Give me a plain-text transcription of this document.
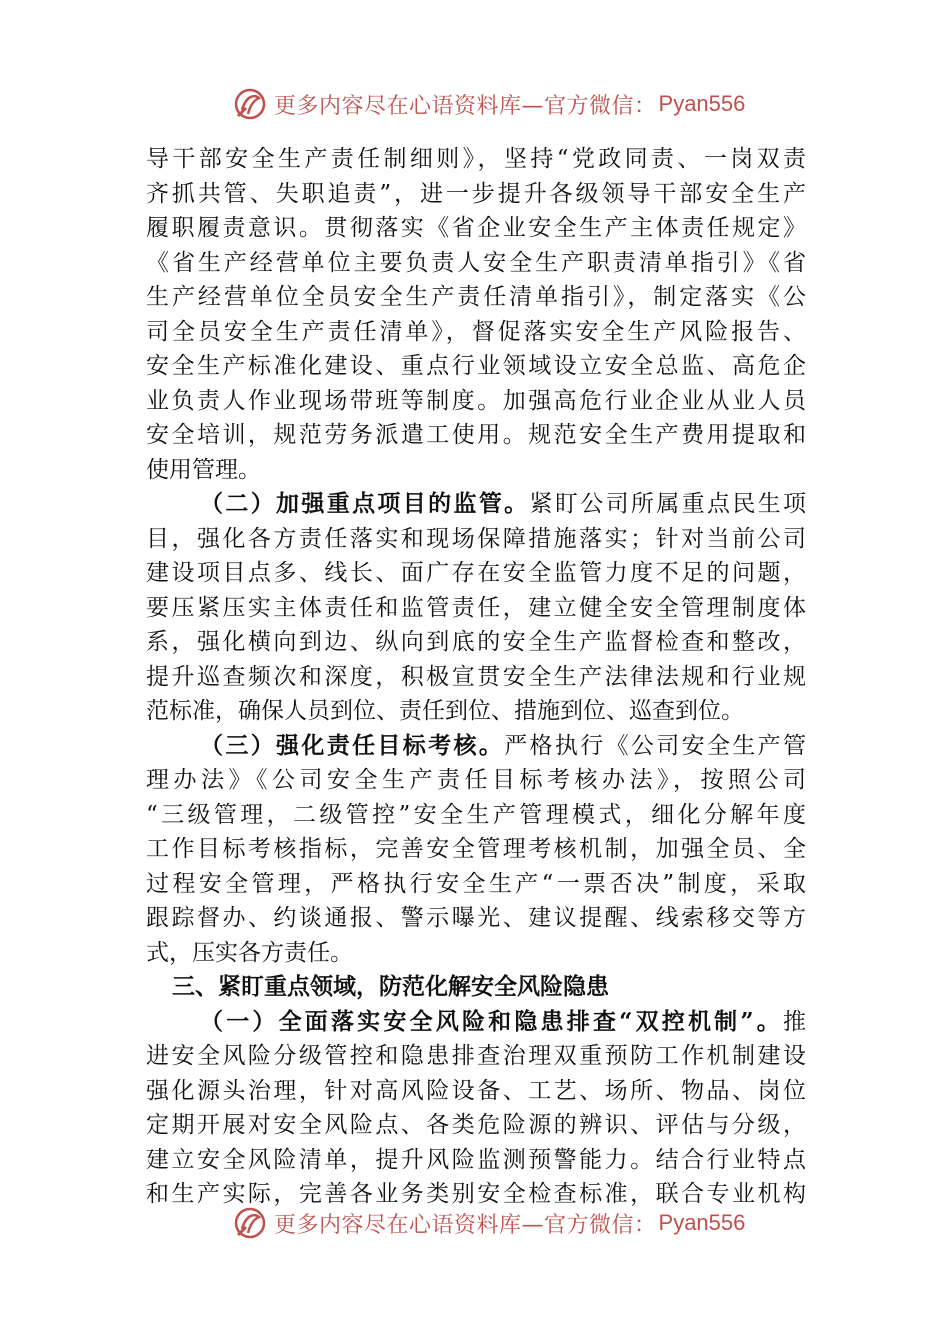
更多内容尽在心语资料库—官方微信： Pyan556
导干部安全生产责任制细则》，坚持“党政同责、一岗双责
齐抓共管、失职追责”，进一步提升各级领导干部安全生产
履职履责意识。贯彻落实《省企业安全生产主体责任规定》
《省生产经营单位主要负责人安全生产职责清单指引》《省
生产经营单位全员安全生产责任清单指引》，制定落实《公
司全员安全生产责任清单》，督促落实安全生产风险报告、
安全生产标准化建设、重点行业领域设立安全总监、高危企
业负责人作业现场带班等制度。加强高危行业企业从业人员
安全培训，规范劳务派遣工使用。规范安全生产费用提取和
使用管理。
（二）加强重点项目的监管。紧盯公司所属重点民生项
目，强化各方责任落实和现场保障措施落实；针对当前公司
建设项目点多、线长、面广存在安全监管力度不足的问题，
要压紧压实主体责任和监管责任，建立健全安全管理制度体
系，强化横向到边、纵向到底的安全生产监督检查和整改，
提升巡查频次和深度，积极宣贯安全生产法律法规和行业规
范标准，确保人员到位、责任到位、措施到位、巡查到位。
（三）强化责任目标考核。严格执行《公司安全生产管
理办法》《公司安全生产责任目标考核办法》，按照公司
“三级管理，二级管控”安全生产管理模式，细化分解年度
工作目标考核指标，完善安全管理考核机制，加强全员、全
过程安全管理，严格执行安全生产“一票否决”制度，采取
跟踪督办、约谈通报、警示曝光、建议提醒、线索移交等方
式，压实各方责任。
三、紧盯重点领域，防范化解安全风险隐患
（一）全面落实安全风险和隐患排查“双控机制”。推
进安全风险分级管控和隐患排查治理双重预防工作机制建设
强化源头治理，针对高风险设备、工艺、场所、物品、岗位
定期开展对安全风险点、各类危险源的辨识、评估与分级，
建立安全风险清单，提升风险监测预警能力。结合行业特点
和生产实际，完善各业务类别安全检查标准，联合专业机构
更多内容尽在心语资料库—官方微信： Pyan556
